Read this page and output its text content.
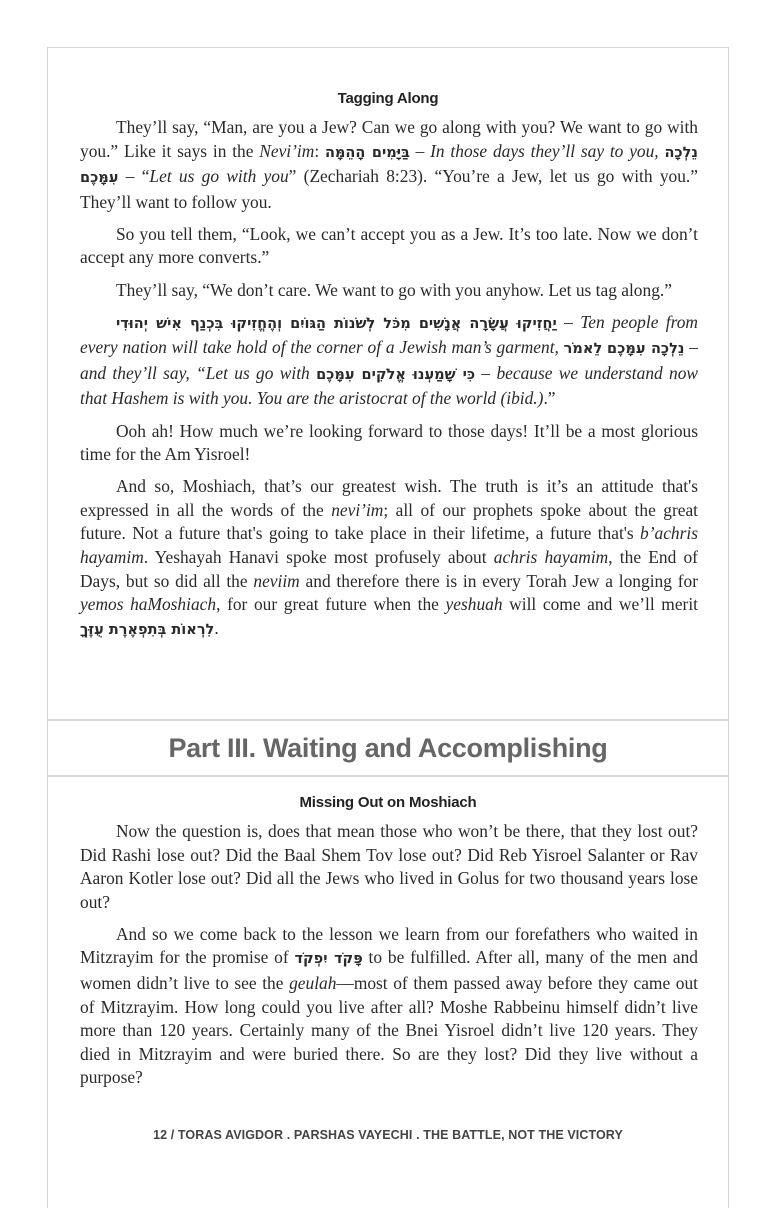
Tagging Along

They’ll say, “Man, are you a Jew? Can we go along with you? We want to go with you.” Like it says in the Nevi’im: בַּיָּמִים הָהֵמָּה – In those days they’ll say to you, נֵלְכָה עִמָּכֶם – “Let us go with you” (Zechariah 8:23). “You’re a Jew, let us go with you.” They’ll want to follow you.

So you tell them, “Look, we can’t accept you as a Jew. It’s too late. Now we don’t accept any more converts.”

They’ll say, “We don’t care. We want to go with you anyhow. Let us tag along.”

יַחֲזִיקוּ עֲשָׂרָה אֲנָשִׁים מִכֹּל לְשֹׁנוֹת הַגּוֹיִם וְהֶחֱזִיקוּ בִּכְנַף אִישׁ יְהוּדִי – Ten people from every nation will take hold of the corner of a Jewish man’s garment, לֵאמֹר נֵלְכָה עִמָּכֶם – and they’ll say, “Let us go with כִּי שָׁמַעְנוּ אֱלֹקִים עִמָּכֶם – because we understand now that Hashem is with you. You are the aristocrat of the world (ibid.).”

Ooh ah! How much we’re looking forward to those days! It’ll be a most glorious time for the Am Yisroel!

And so, Moshiach, that’s our greatest wish. The truth is it’s an attitude that's expressed in all the words of the nevi’im; all of our prophets spoke about the great future. Not a future that's going to take place in their lifetime, a future that's b’achris hayamim. Yeshayah Hanavi spoke most profusely about achris hayamim, the End of Days, but so did all the neviim and therefore there is in every Torah Jew a longing for yemos haMoshiach, for our great future when the yeshuah will come and we’ll merit לִרְאוֹת בְּתִפְאֶרֶת עֻזֶּךָ.

Part III. Waiting and Accomplishing
Missing Out on Moshiach

Now the question is, does that mean those who won’t be there, that they lost out? Did Rashi lose out? Did the Baal Shem Tov lose out? Did Reb Yisroel Salanter or Rav Aaron Kotler lose out? Did all the Jews who lived in Golus for two thousand years lose out?

And so we come back to the lesson we learn from our forefathers who waited in Mitzrayim for the promise of פָּקֹד יִפְקֹד to be fulfilled. After all, many of the men and women didn’t live to see the geulah—most of them passed away before they came out of Mitzrayim. How long could you live after all? Moshe Rabbeinu himself didn’t live more than 120 years. Certainly many of the Bnei Yisroel didn’t live 120 years. They died in Mitzrayim and were buried there. So are they lost? Did they live without a purpose?

12 / TORAS AVIGDOR . PARSHAS VAYECHI . THE BATTLE, NOT THE VICTORY
